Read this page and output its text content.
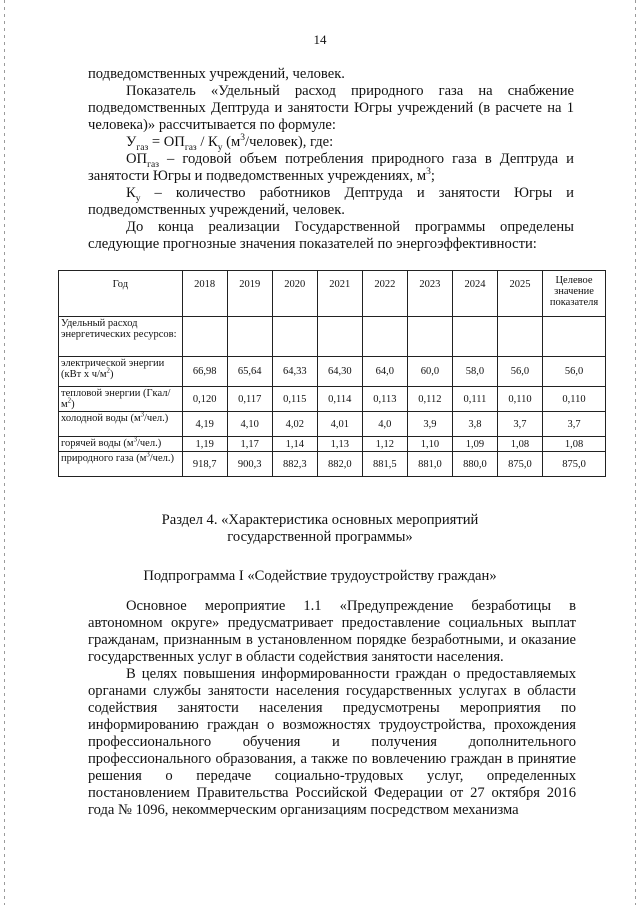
14

подведомственных учреждений, человек.

Показатель «Удельный расход природного газа на снабжение подведомственных Дептруда и занятости Югры учреждений (в расчете на 1 человека)» рассчитывается по формуле:

$У_{газ} = ОП_{газ} / К_у$ $(м^3/человек)$, где:

$ОП_{газ}$ – годовой объем потребления природного газа в Дептруда и занятости Югры и подведомственных учреждениях, $м^3$;

$К_у$ – количество работников Дептруда и занятости Югры и подведомственных учреждений, человек.

До конца реализации Государственной программы определены следующие прогнозные значения показателей по энергоэффективности:

Год	2018	2019	2020	2021	2022	2023	2024	2025	Целевое значение показателя
Удельный расход энергетических ресурсов:									
электрической энергии (кВт х $ч/м^2$)	66,98	65,64	64,33	64,30	64,0	60,0	58,0	56,0	56,0
тепловой энергии $(Гкал/м^2)$	0,120	0,117	0,115	0,114	0,113	0,112	0,111	0,110	0,110
холодной воды $(м^3/чел.)$	4,19	4,10	4,02	4,01	4,0	3,9	3,8	3,7	3,7
горячей воды $(м^3/чел.)$	1,19	1,17	1,14	1,13	1,12	1,10	1,09	1,08	1,08
природного газа $(м^3/чел.)$	918,7	900,3	882,3	882,0	881,5	881,0	880,0	875,0	875,0
Раздел 4. «Характеристика основных мероприятий
государственной программы»
Подпрограмма I «Содействие трудоустройству граждан»

Основное мероприятие 1.1 «Предупреждение безработицы в автономном округе» предусматривает предоставление социальных выплат гражданам, признанным в установленном порядке безработными, и оказание государственных услуг в области содействия занятости населения.

В целях повышения информированности граждан о предоставляемых органами службы занятости населения государственных услугах в области содействия занятости населения предусмотрены мероприятия по информированию граждан о возможностях трудоустройства, прохождения профессионального обучения и получения дополнительного профессионального образования, а также по вовлечению граждан в принятие решения о передаче социально-трудовых услуг, определенных постановлением Правительства Российской Федерации от 27 октября 2016 года № 1096, некоммерческим организациям посредством механизма
